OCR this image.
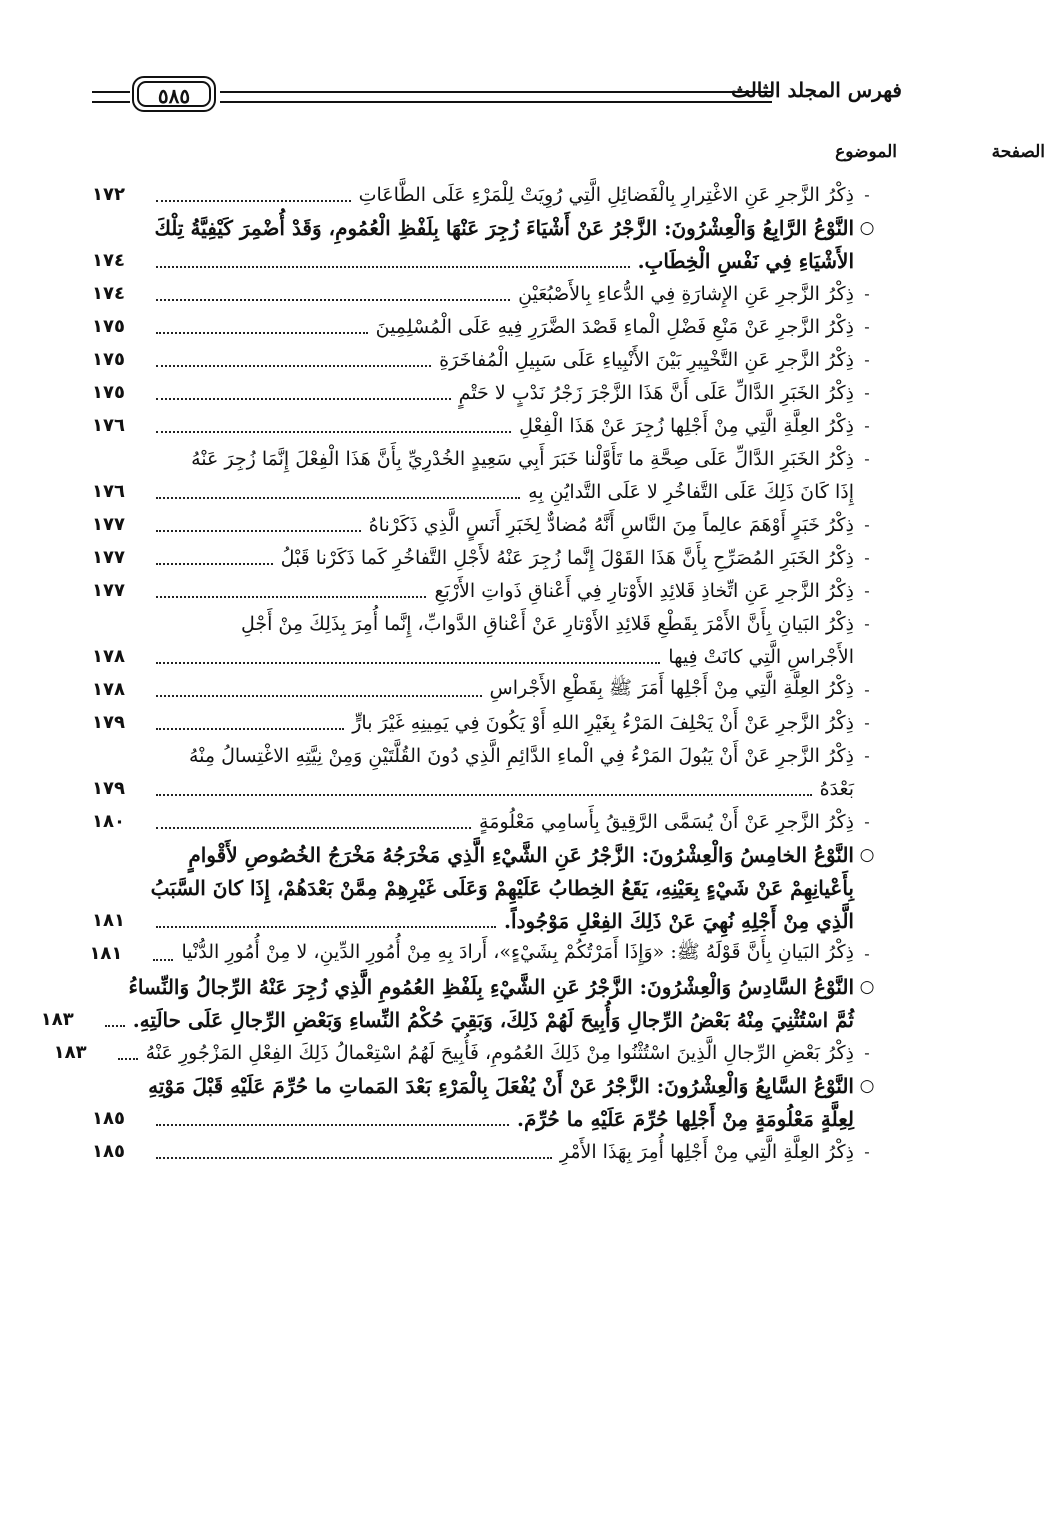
٥٨٥	فهرس المجلد الثالث
الموضوع	الصفحة
-
ذِكْرُ الزَّجرِ عَنِ الاغْتِرارِ بِالْفَضائِلِ الَّتِي رُوِيَتْ لِلْمَرْءِ عَلَى الطَّاعَاتِ
١٧٢
○
النَّوْعُ الرَّابِعُ وَالْعِشْرُونَ: الزَّجْرُ عَنْ أَشْيَاءَ زُجِرَ عَنْهَا بِلَفْظِ الْعُمُومِ، وَقَدْ أُضْمِرَ كَيْفِيَّةُ تِلْكَ
الأَشْيَاءِ فِي نَفْسِ الْخِطَابِ.
١٧٤
-
ذِكْرُ الزَّجرِ عَنِ الإِشارَةِ فِي الدُّعاءِ بِالأَصْبُعَيْنِ
١٧٤
-
ذِكْرُ الزَّجرِ عَنْ مَنْعِ فَضْلِ الْماءِ قَصْدَ الضَّرَرِ فِيهِ عَلَى الْمُسْلِمِينَ
١٧٥
-
ذِكْرُ الزَّجرِ عَنِ التَّخْيِيرِ بَيْنَ الأَنْبِياءِ عَلَى سَبِيلِ الْمُفاخَرَةِ
١٧٥
-
ذِكْرُ الخَبَرِ الدَّالِّ عَلَى أَنَّ هَذَا الزَّجْرَ زَجْرُ نَدْبٍ لا حَتْمٍ
١٧٥
-
ذِكْرُ العِلَّةِ الَّتِي مِنْ أَجْلِها زُجِرَ عَنْ هَذَا الْفِعْلِ
١٧٦
-
ذِكْرُ الخَبَرِ الدَّالِّ عَلَى صِحَّةِ ما تَأَوَّلْنا خَبَرَ أَبِي سَعِيدٍ الخُدْرِيِّ بِأَنَّ هَذَا الْفِعْلَ إِنَّمَا زُجِرَ عَنْهُ
إِذَا كَانَ ذَلِكَ عَلَى التَّفاخُرِ لا عَلَى التَّدايُنِ بِهِ
١٧٦
-
ذِكْرُ خَبَرٍ أَوْهَمَ عالِماً مِنَ النَّاسِ أَنَّهُ مُضادٌّ لِخَبَرِ أَنَسٍ الَّذِي ذَكَرْناهُ
١٧٧
-
ذِكْرُ الخَبَرِ المُصَرِّحِ بِأَنَّ هَذَا القَوْلَ إِنَّما زُجِرَ عَنْهُ لأَجْلِ التَّفاخُرِ كَما ذَكَرْنا قَبْلُ
١٧٧
-
ذِكْرُ الزَّجرِ عَنِ اتِّخاذِ قَلائِدِ الأَوْتارِ فِي أَعْناقِ ذَواتِ الأَرْبَعِ
١٧٧
-
ذِكْرُ البَيانِ بِأَنَّ الأَمْرَ بِقَطْعِ قَلائِدِ الأَوْتارِ عَنْ أَعْناقِ الدَّوابِّ، إِنَّما أُمِرَ بِذَلِكَ مِنْ أَجْلِ
الأَجْراسِ الَّتِي كانَتْ فِيها
١٧٨
-
ذِكْرُ العِلَّةِ الَّتِي مِنْ أَجْلِها أَمَرَ ﷺ بِقَطْعِ الأَجْراسِ
١٧٨
-
ذِكْرُ الزَّجرِ عَنْ أَنْ يَحْلِفَ المَرْءُ بِغَيْرِ اللهِ أَوْ يَكُونَ فِي يَمِينِهِ غَيْرَ بارٍّ
١٧٩
-
ذِكْرُ الزَّجرِ عَنْ أَنْ يَبُولَ المَرْءُ فِي الْماءِ الدَّائِمِ الَّذِي دُونَ القُلَّتَيْنِ وَمِنْ نِيَّتِهِ الاغْتِسالُ مِنْهُ
بَعْدَهُ
١٧٩
-
ذِكْرُ الزَّجرِ عَنْ أَنْ يُسَمَّى الرَّقِيقُ بِأَسامِي مَعْلُومَةٍ
١٨٠
○
النَّوْعُ الخامِسُ وَالْعِشْرُونَ: الزَّجْرُ عَنِ الشَّيْءِ الَّذِي مَخْرَجُهُ مَخْرَجُ الخُصُوصِ لأَقْوامٍ
بِأَعْيانِهِمْ عَنْ شَيْءٍ بِعَيْنِهِ، يَقَعُ الخِطابُ عَلَيْهِمْ وَعَلَى غَيْرِهِمْ مِمَّنْ بَعْدَهُمْ، إِذَا كانَ السَّبَبُ
الَّذِي مِنْ أَجْلِهِ نُهِيَ عَنْ ذَلِكَ الفِعْلِ مَوْجُوداً.
١٨١
-
ذِكْرُ البَيانِ بِأَنَّ قَوْلَهُ ﷺ: «وَإِذَا أَمَرْتُكُمْ بِشَيْءٍ»، أَرادَ بِهِ مِنْ أُمُورِ الدِّينِ، لا مِنْ أُمُورِ الدُّنْيا
١٨١
○
النَّوْعُ السَّادِسُ وَالْعِشْرُونَ: الزَّجْرُ عَنِ الشَّيْءِ بِلَفْظِ العُمُومِ الَّذِي زُجِرَ عَنْهُ الرِّجالُ وَالنِّساءُ
ثُمَّ اسْتُثْنِيَ مِنْهُ بَعْضُ الرِّجالِ وَأُبِيحَ لَهُمْ ذَلِكَ، وَبَقِيَ حُكْمُ النِّساءِ وَبَعْضِ الرِّجالِ عَلَى حالَتِهِ.
١٨٣
-
ذِكْرُ بَعْضِ الرِّجالِ الَّذِينَ اسْتُثْنُوا مِنْ ذَلِكَ العُمُومِ، فَأُبِيحَ لَهُمُ اسْتِعْمالُ ذَلِكَ الفِعْلِ المَزْجُورِ عَنْهُ
١٨٣
○
النَّوْعُ السَّابِعُ وَالْعِشْرُونَ: الزَّجْرُ عَنْ أَنْ يُفْعَلَ بِالْمَرْءِ بَعْدَ المَماتِ ما حُرِّمَ عَلَيْهِ قَبْلَ مَوْتِهِ
لِعِلَّةٍ مَعْلُومَةٍ مِنْ أَجْلِها حُرِّمَ عَلَيْهِ ما حُرِّمَ.
١٨٥
-
ذِكْرُ العِلَّةِ الَّتِي مِنْ أَجْلِها أُمِرَ بِهَذَا الأَمْرِ
١٨٥
